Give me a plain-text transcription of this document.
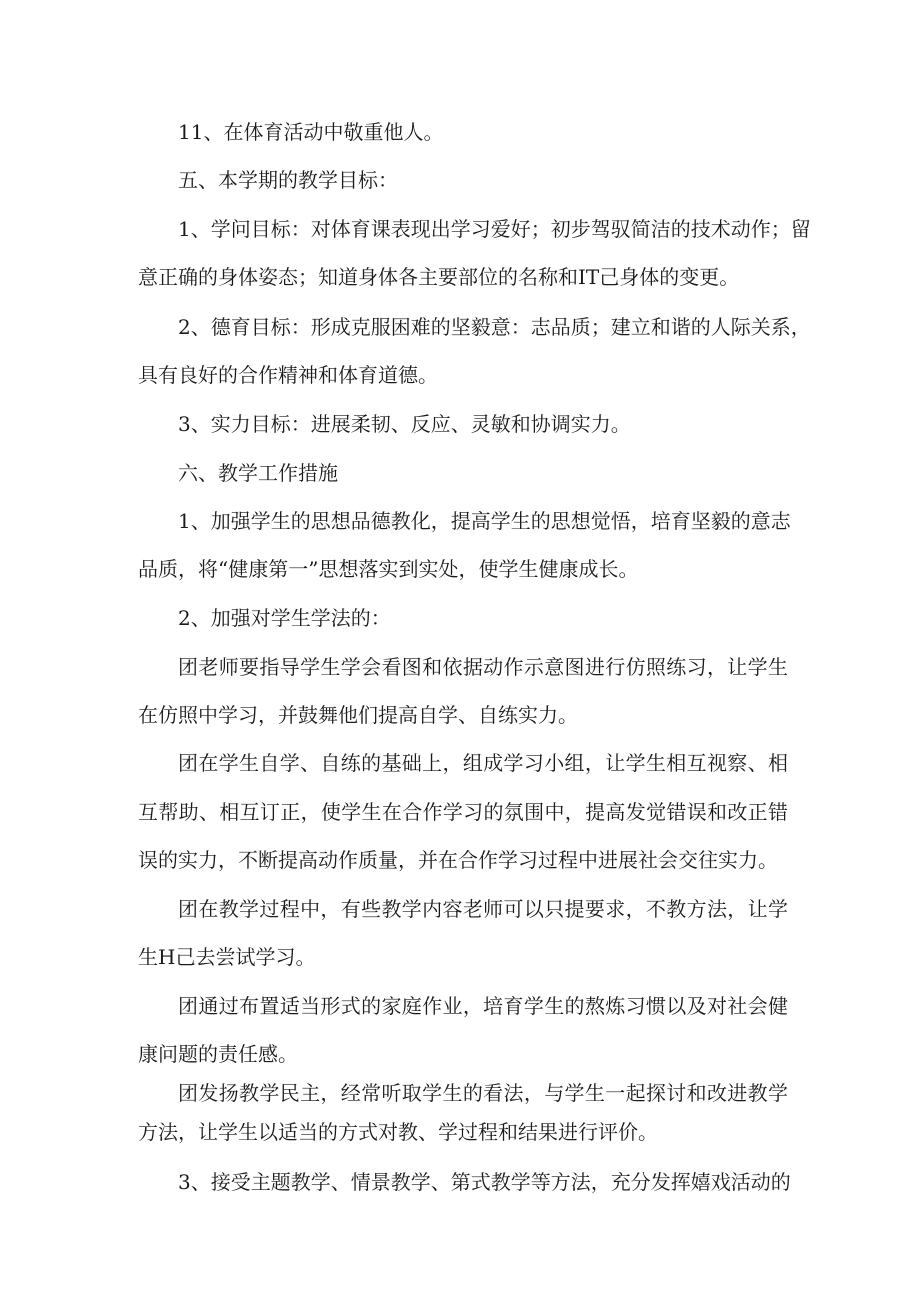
11、在体育活动中敬重他人。
五、本学期的教学目标：
1、学问目标：对体育课表现出学习爱好；初步驾驭简洁的技术动作；留
意正确的身体姿态；知道身体各主要部位的名称和IT己身体的变更。
2、德育目标：形成克服困难的坚毅意：志品质；建立和谐的人际关系，
具有良好的合作精神和体育道德。
3、实力目标：进展柔韧、反应、灵敏和协调实力。
六、教学工作措施
1、加强学生的思想品德教化，提高学生的思想觉悟，培育坚毅的意志
品质，将“健康第一”思想落实到实处，使学生健康成长。
2、加强对学生学法的：
团老师要指导学生学会看图和依据动作示意图进行仿照练习，让学生
在仿照中学习，并鼓舞他们提高自学、自练实力。
团在学生自学、自练的基础上，组成学习小组，让学生相互视察、相
互帮助、相互订正，使学生在合作学习的氛围中，提高发觉错误和改正错
误的实力，不断提高动作质量，并在合作学习过程中进展社会交往实力。
团在教学过程中，有些教学内容老师可以只提要求，不教方法，让学
生H己去尝试学习。
团通过布置适当形式的家庭作业，培育学生的熬炼习惯以及对社会健
康问题的责任感。
团发扬教学民主，经常听取学生的看法，与学生一起探讨和改进教学
方法，让学生以适当的方式对教、学过程和结果进行评价。
3、接受主题教学、情景教学、第式教学等方法，充分发挥嬉戏活动的
